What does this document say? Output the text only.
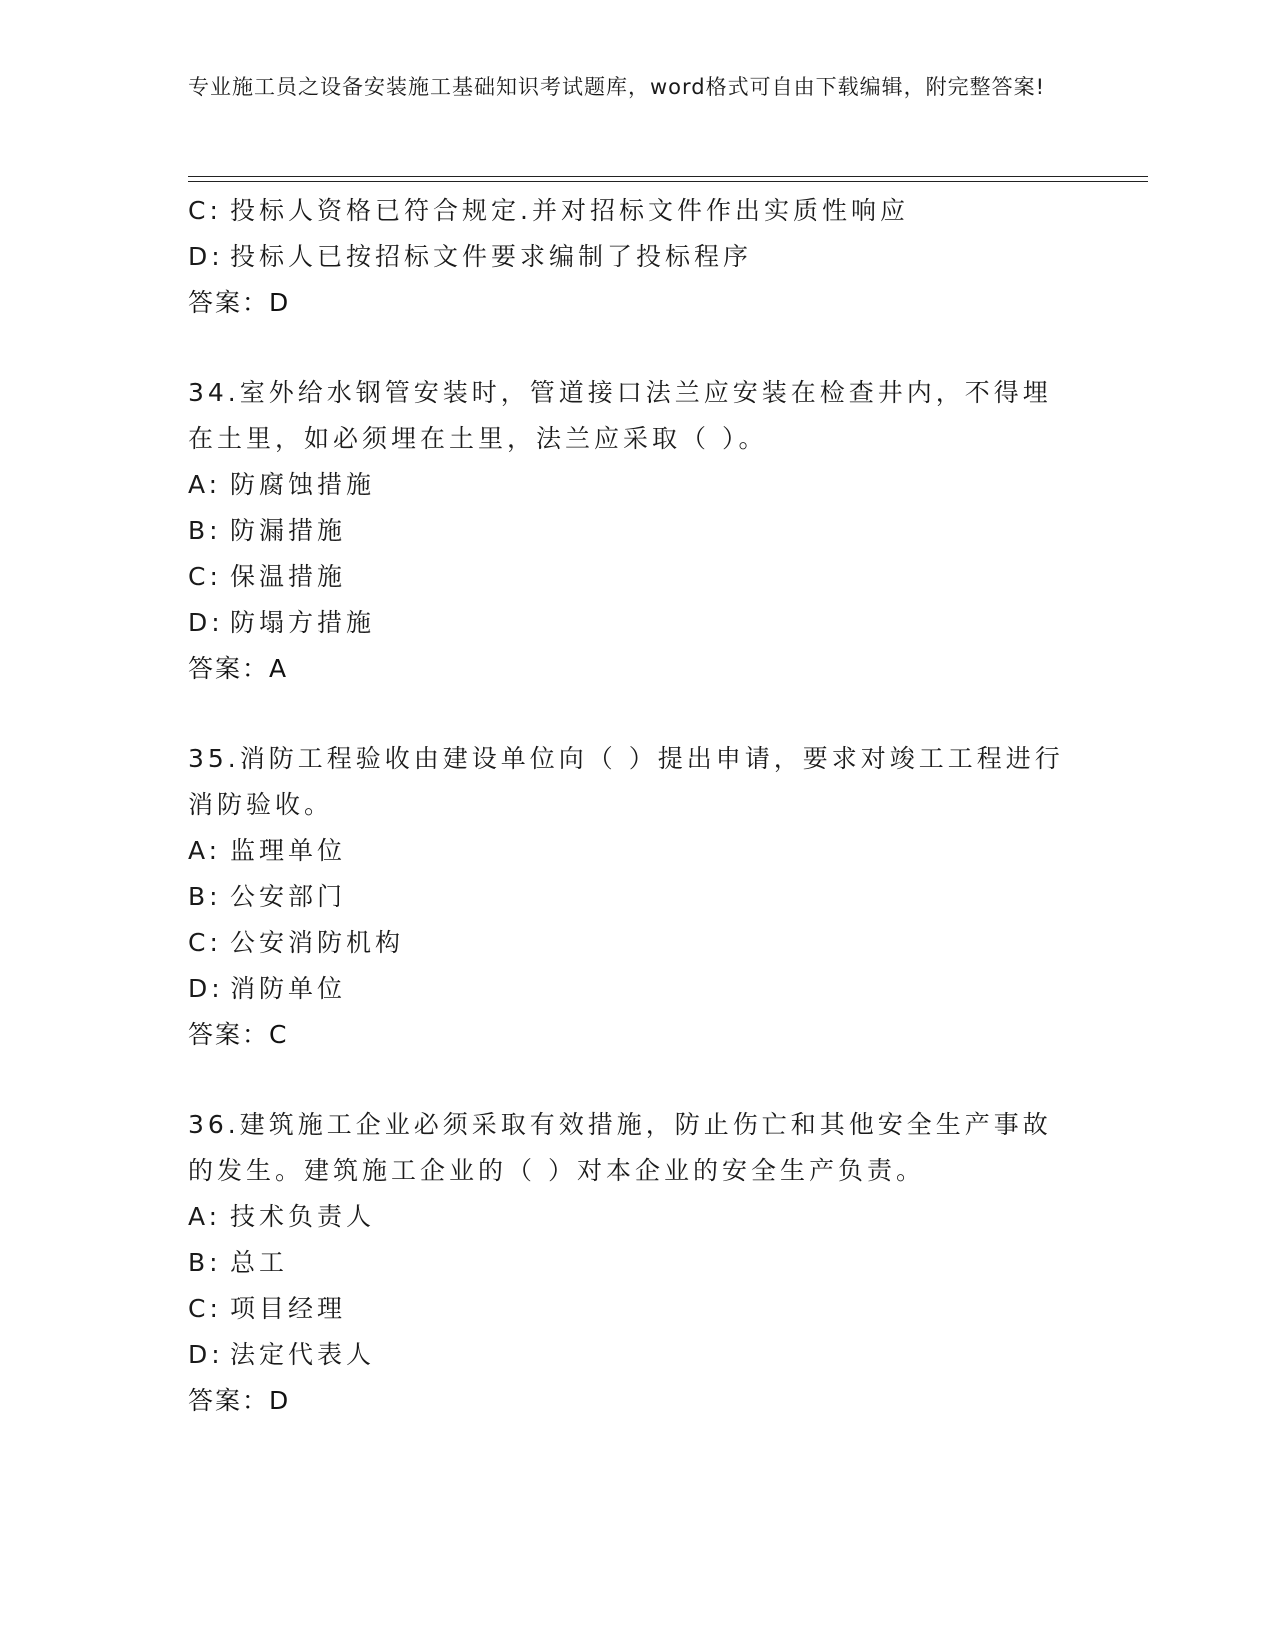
专业施工员之设备安装施工基础知识考试题库，word格式可自由下载编辑，附完整答案!
C: 投标人资格已符合规定.并对招标文件作出实质性响应
D: 投标人已按招标文件要求编制了投标程序
答案：D
34.室外给水钢管安装时，管道接口法兰应安装在检查井内，不得埋在土里，如必须埋在土里，法兰应采取（ ）。
A: 防腐蚀措施
B: 防漏措施
C: 保温措施
D: 防塌方措施
答案：A
35.消防工程验收由建设单位向（ ）提出申请，要求对竣工工程进行消防验收。
A: 监理单位
B: 公安部门
C: 公安消防机构
D: 消防单位
答案：C
36.建筑施工企业必须采取有效措施，防止伤亡和其他安全生产事故的发生。建筑施工企业的（ ）对本企业的安全生产负责。
A: 技术负责人
B: 总工
C: 项目经理
D: 法定代表人
答案：D
